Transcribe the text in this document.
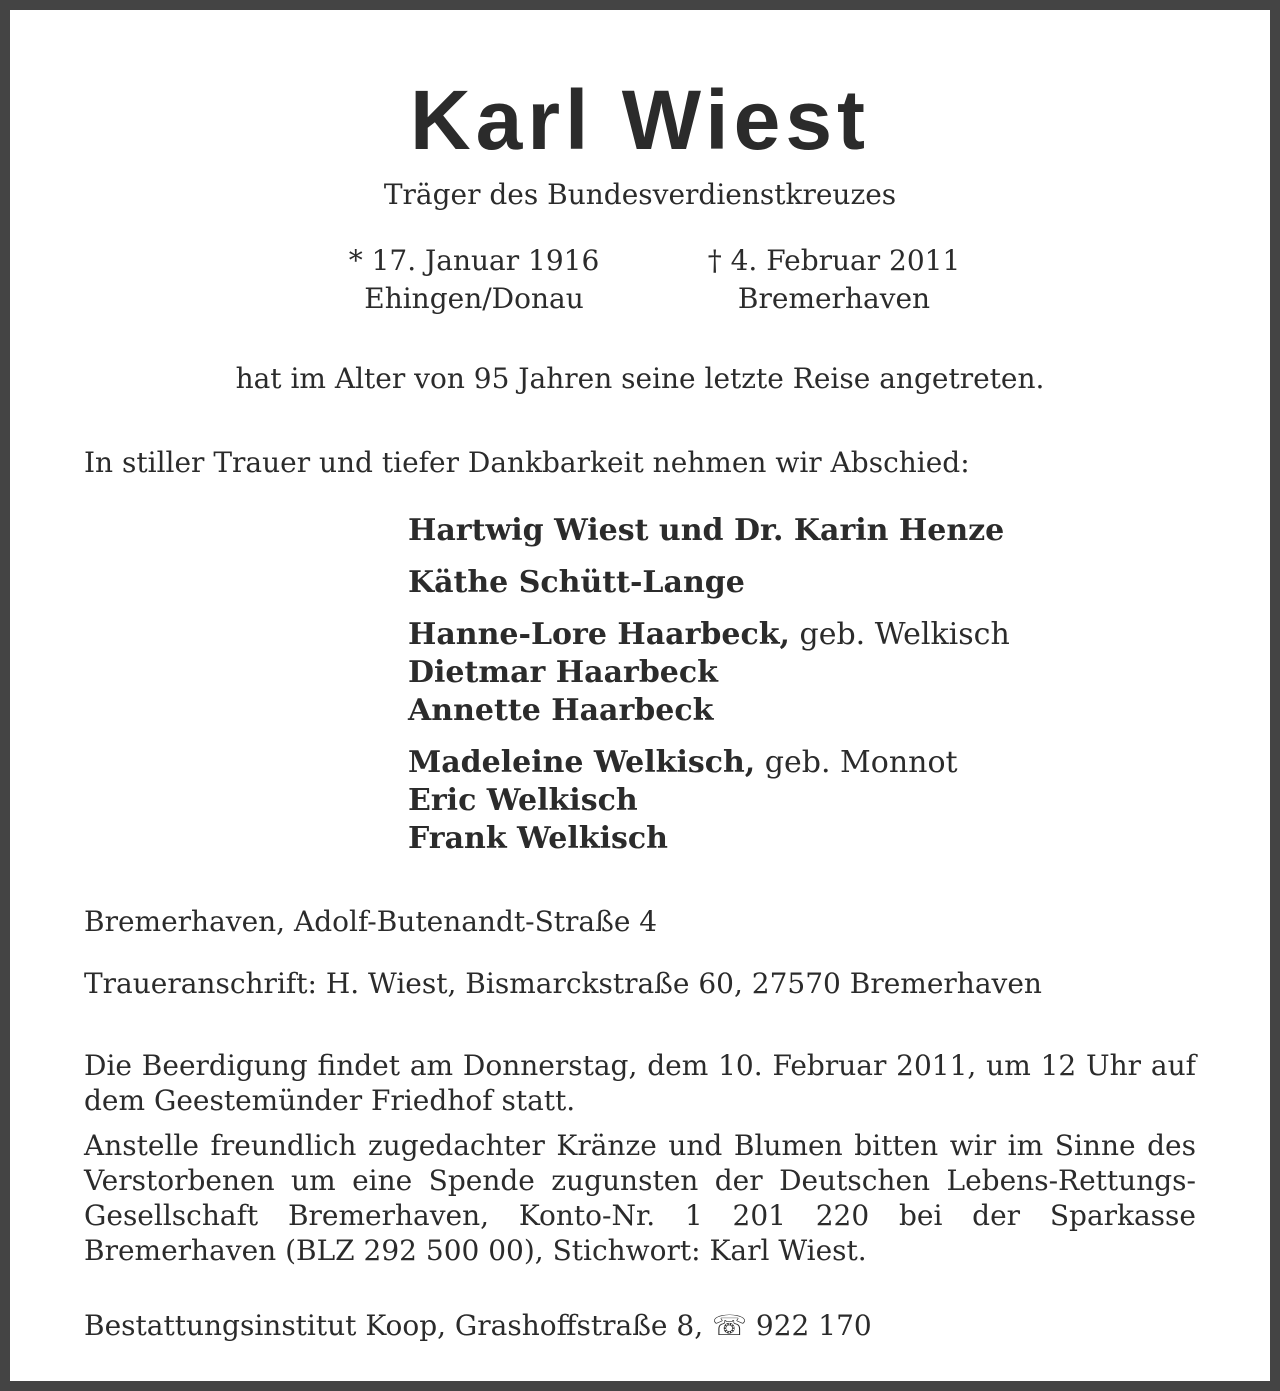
Karl Wiest
Träger des Bundesverdienstkreuzes
* 17. Januar 1916
Ehingen/Donau
† 4. Februar 2011
Bremerhaven
hat im Alter von 95 Jahren seine letzte Reise angetreten.
In stiller Trauer und tiefer Dankbarkeit nehmen wir Abschied:
Hartwig Wiest und Dr. Karin Henze
Käthe Schütt-Lange
Hanne-Lore Haarbeck, geb. Welkisch
Dietmar Haarbeck
Annette Haarbeck
Madeleine Welkisch, geb. Monnot
Eric Welkisch
Frank Welkisch
Bremerhaven, Adolf-Butenandt-Straße 4
Traueranschrift: H. Wiest, Bismarckstraße 60, 27570 Bremerhaven
Die Beerdigung findet am Donnerstag, dem 10. Februar 2011, um 12 Uhr auf dem Geestemünder Friedhof statt.
Anstelle freundlich zugedachter Kränze und Blumen bitten wir im Sinne des Verstorbenen um eine Spende zugunsten der Deutschen Lebens-Rettungs-Gesellschaft Bremerhaven, Konto-Nr. 1 201 220 bei der Sparkasse Bremerhaven (BLZ 292 500 00), Stichwort: Karl Wiest.
Bestattungsinstitut Koop, Grashoffstraße 8, ☏ 922 170
